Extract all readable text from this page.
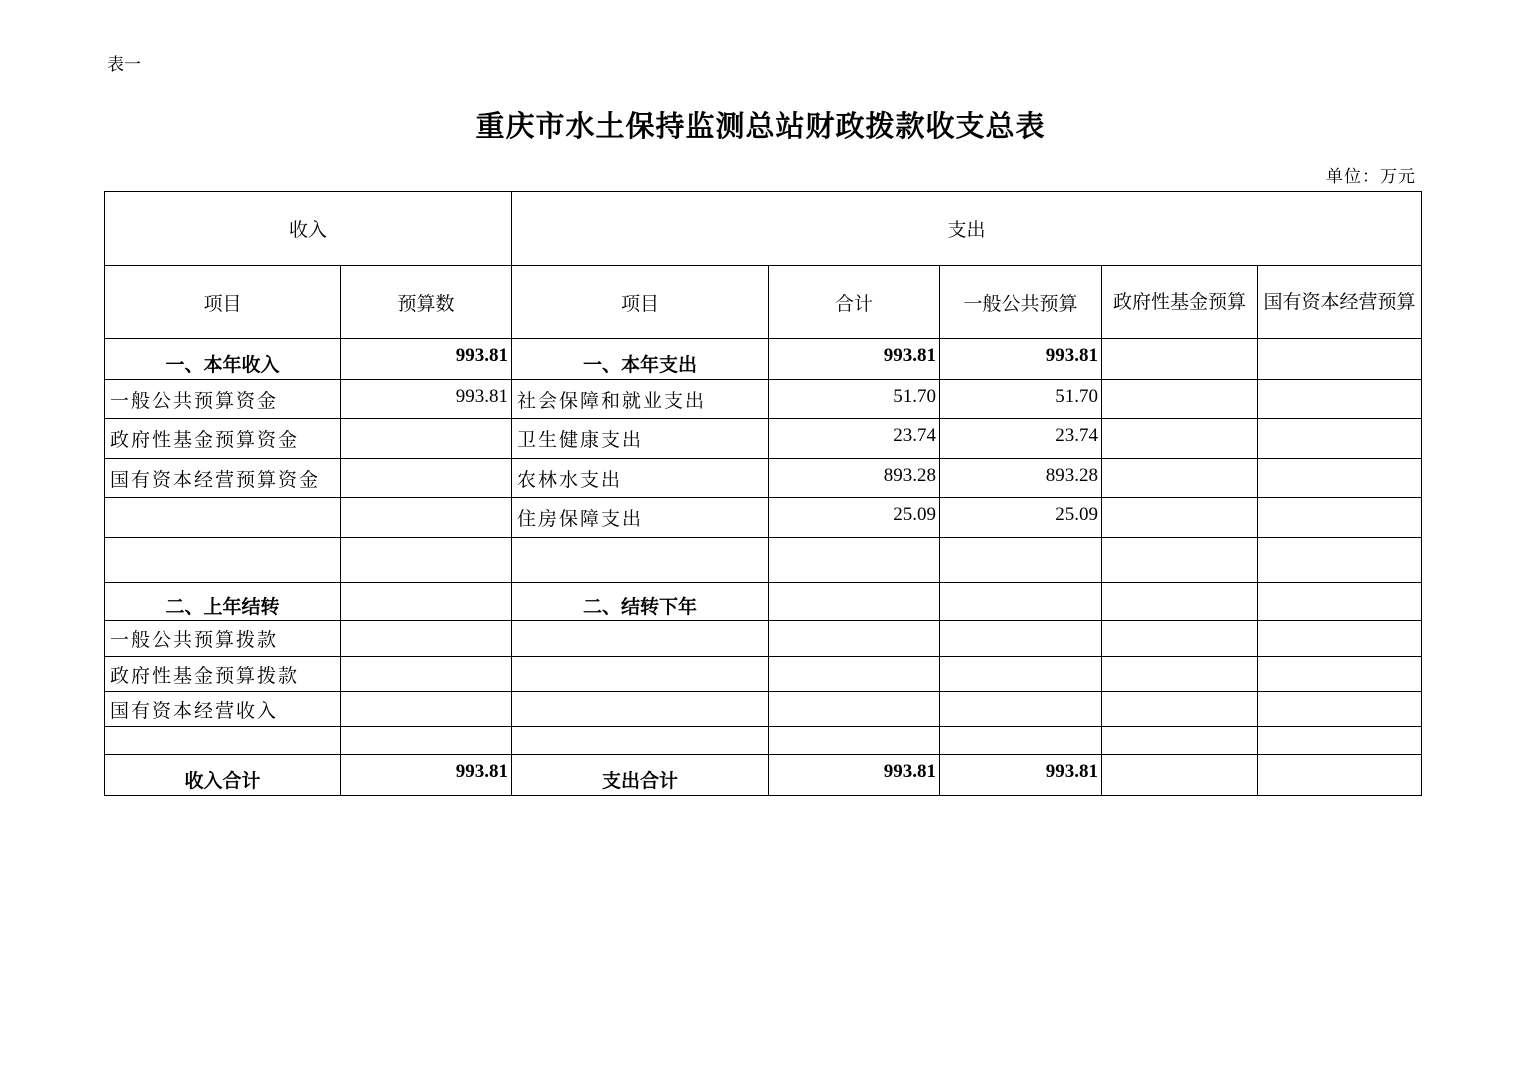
表一
重庆市水土保持监测总站财政拨款收支总表
单位：万元
收入		支出				
项目	预算数	项目	合计	一般公共预算	政府性基金预算	国有资本经营预算
一、本年收入	993.81	一、本年支出	993.81	993.81		
一般公共预算资金	993.81	社会保障和就业支出	51.70	51.70		
政府性基金预算资金		卫生健康支出	23.74	23.74		
国有资本经营预算资金		农林水支出	893.28	893.28		
		住房保障支出	25.09	25.09		

二、上年结转		二、结转下年				
一般公共预算拨款						
政府性基金预算拨款						
国有资本经营收入						

收入合计	993.81	支出合计	993.81	993.81		
